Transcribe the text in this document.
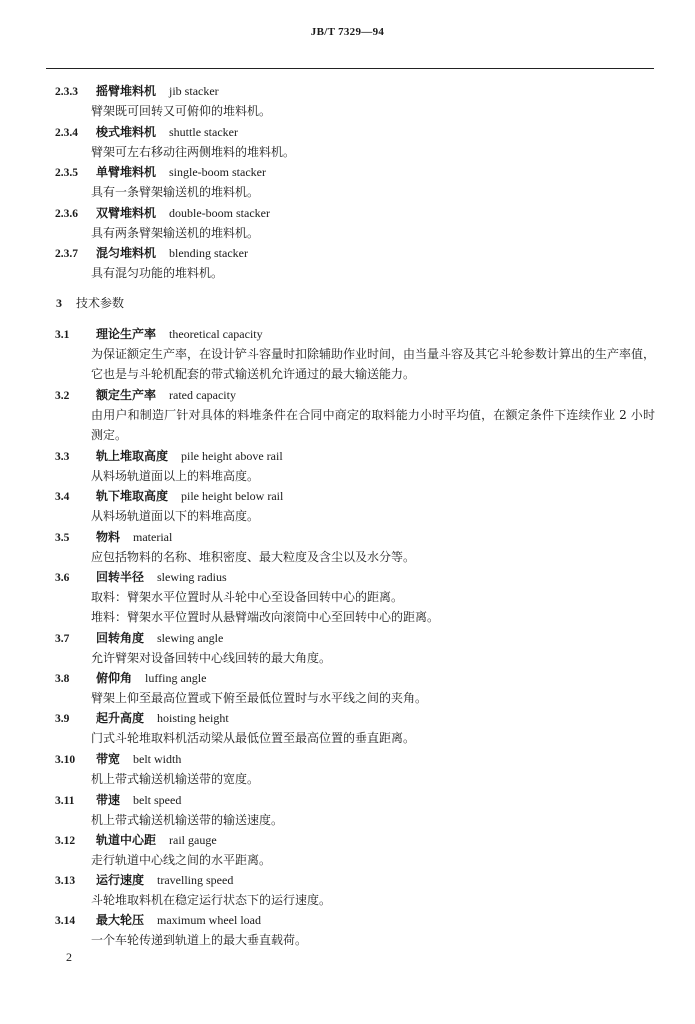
JB/T 7329—94
2.3.3 摇臂堆料机 jib stacker
臂架既可回转又可俯仰的堆料机。
2.3.4 梭式堆料机 shuttle stacker
臂架可左右移动往两侧堆料的堆料机。
2.3.5 单臂堆料机 single-boom stacker
具有一条臂架输送机的堆料机。
2.3.6 双臂堆料机 double-boom stacker
具有两条臂架输送机的堆料机。
2.3.7 混匀堆料机 blending stacker
具有混匀功能的堆料机。
3 技术参数
3.1 理论生产率 theoretical capacity
为保证额定生产率，在设计铲斗容量时扣除辅助作业时间，由当量斗容及其它斗轮参数计算出的生产率值，它也是与斗轮机配套的带式输送机允许通过的最大输送能力。
3.2 额定生产率 rated capacity
由用户和制造厂针对具体的料堆条件在合同中商定的取料能力小时平均值，在额定条件下连续作业 2 小时测定。
3.3 轨上堆取高度 pile height above rail
从料场轨道面以上的料堆高度。
3.4 轨下堆取高度 pile height below rail
从料场轨道面以下的料堆高度。
3.5 物料 material
应包括物料的名称、堆积密度、最大粒度及含尘以及水分等。
3.6 回转半径 slewing radius
取料：臂架水平位置时从斗轮中心至设备回转中心的距离。
堆料：臂架水平位置时从悬臂端改向滚筒中心至回转中心的距离。
3.7 回转角度 slewing angle
允许臂架对设备回转中心线回转的最大角度。
3.8 俯仰角 luffing angle
臂架上仰至最高位置或下俯至最低位置时与水平线之间的夹角。
3.9 起升高度 hoisting height
门式斗轮堆取料机活动梁从最低位置至最高位置的垂直距离。
3.10 带宽 belt width
机上带式输送机输送带的宽度。
3.11 带速 belt speed
机上带式输送机输送带的输送速度。
3.12 轨道中心距 rail gauge
走行轨道中心线之间的水平距离。
3.13 运行速度 travelling speed
斗轮堆取料机在稳定运行状态下的运行速度。
3.14 最大轮压 maximum wheel load
一个车轮传递到轨道上的最大垂直载荷。
2
